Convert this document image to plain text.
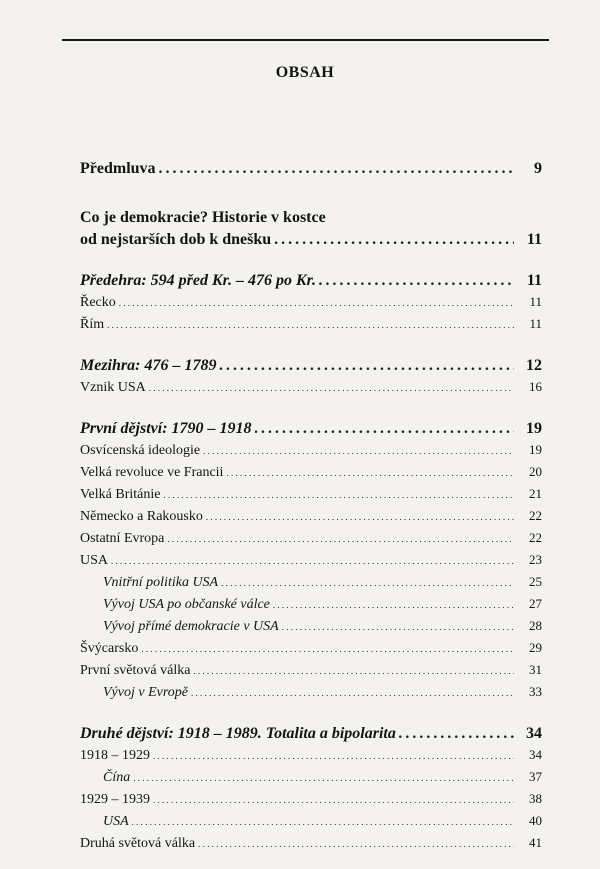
OBSAH
Předmluva . . .	9
Co je demokracie? Historie v kostce
od nejstarších dob k dnešku . . .	11
Předehra: 594 před Kr. – 476 po Kr. . . .	11
Řecko . . .	11
Řím . . .	11
Mezihra: 476 – 1789 . . .	12
Vznik USA . . .	16
První dějství: 1790 – 1918 . . .	19
Osvícenská ideologie . . .	19
Velká revoluce ve Francii . . .	20
Velká Británie . . .	21
Německo a Rakousko . . .	22
Ostatní Evropa . . .	22
USA . . .	23
Vnitřní politika USA . . .	25
Vývoj USA po občanské válce . . .	27
Vývoj přímé demokracie v USA . . .	28
Švýcarsko . . .	29
První světová válka . . .	31
Vývoj v Evropě . . .	33
Druhé dějství: 1918 – 1989. Totalita a bipolarita . . .	34
1918 – 1929 . . .	34
Čína . . .	37
1929 – 1939 . . .	38
USA . . .	40
Druhá světová válka . . .	41
